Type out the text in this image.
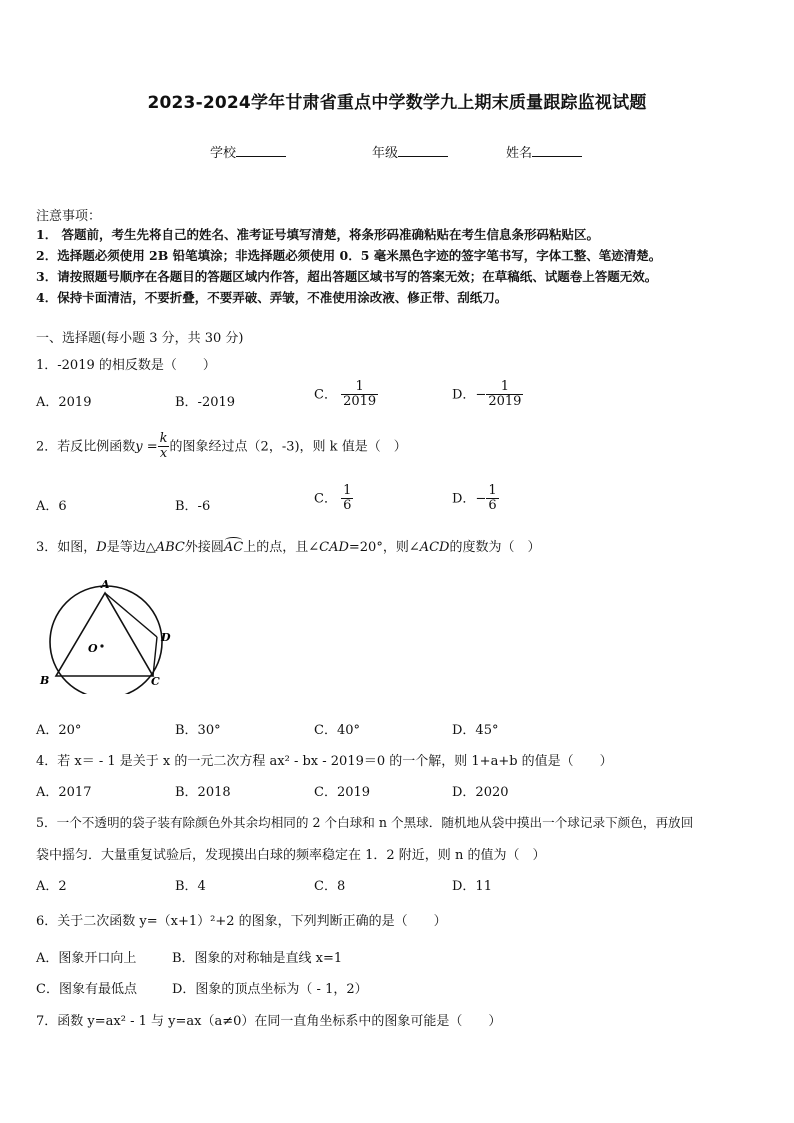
2023-2024学年甘肃省重点中学数学九上期末质量跟踪监视试题
学校	年级	姓名
注意事项：
1． 答题前，考生先将自己的姓名、准考证号填写清楚，将条形码准确粘贴在考生信息条形码粘贴区。
2．选择题必须使用 2B 铅笔填涂；非选择题必须使用 0．5 毫米黑色字迹的签字笔书写，字体工整、笔迹清楚。
3．请按照题号顺序在各题目的答题区域内作答，超出答题区域书写的答案无效；在草稿纸、试题卷上答题无效。
4．保持卡面清洁，不要折叠，不要弄破、弄皱，不准使用涂改液、修正带、刮纸刀。
一、选择题(每小题 3 分，共 30 分)
1．-2019 的相反数是（　　）
A．2019	B．-2019
C． $\frac{1}{2019}$	D．− $\frac{1}{2019}$
2．若反比例函数$y = \frac{k}{x}$ 的图象经过点（2，-3)，则 k 值是（　）
A．6	B．-6
C． $\frac{1}{6}$	D．− $\frac{1}{6}$
3．如图，D是等边△ABC外接圆AC上的点，且∠CAD=20°，则∠ACD的度数为（　）
A
B	C
D
O
A．20°	B．30°	C．40°	D．45°
4．若 x＝ - 1 是关于 x 的一元二次方程 ax² - bx - 2019＝0 的一个解，则 1+a+b 的值是（　　）
A．2017	B．2018	C．2019	D．2020
5．一个不透明的袋子装有除颜色外其余均相同的 2 个白球和 n 个黑球．随机地从袋中摸出一个球记录下颜色，再放回
袋中摇匀．大量重复试验后，发现摸出白球的频率稳定在 1．2 附近，则 n 的值为（　）
A．2	B．4	C．8	D．11
6．关于二次函数 y=（x+1）²+2 的图象，下列判断正确的是（　　）
A．图象开口向上	B．图象的对称轴是直线 x=1
C．图象有最低点	D．图象的顶点坐标为（ - 1，2）
7．函数 y=ax² - 1 与 y=ax（a≠0）在同一直角坐标系中的图象可能是（　　）
